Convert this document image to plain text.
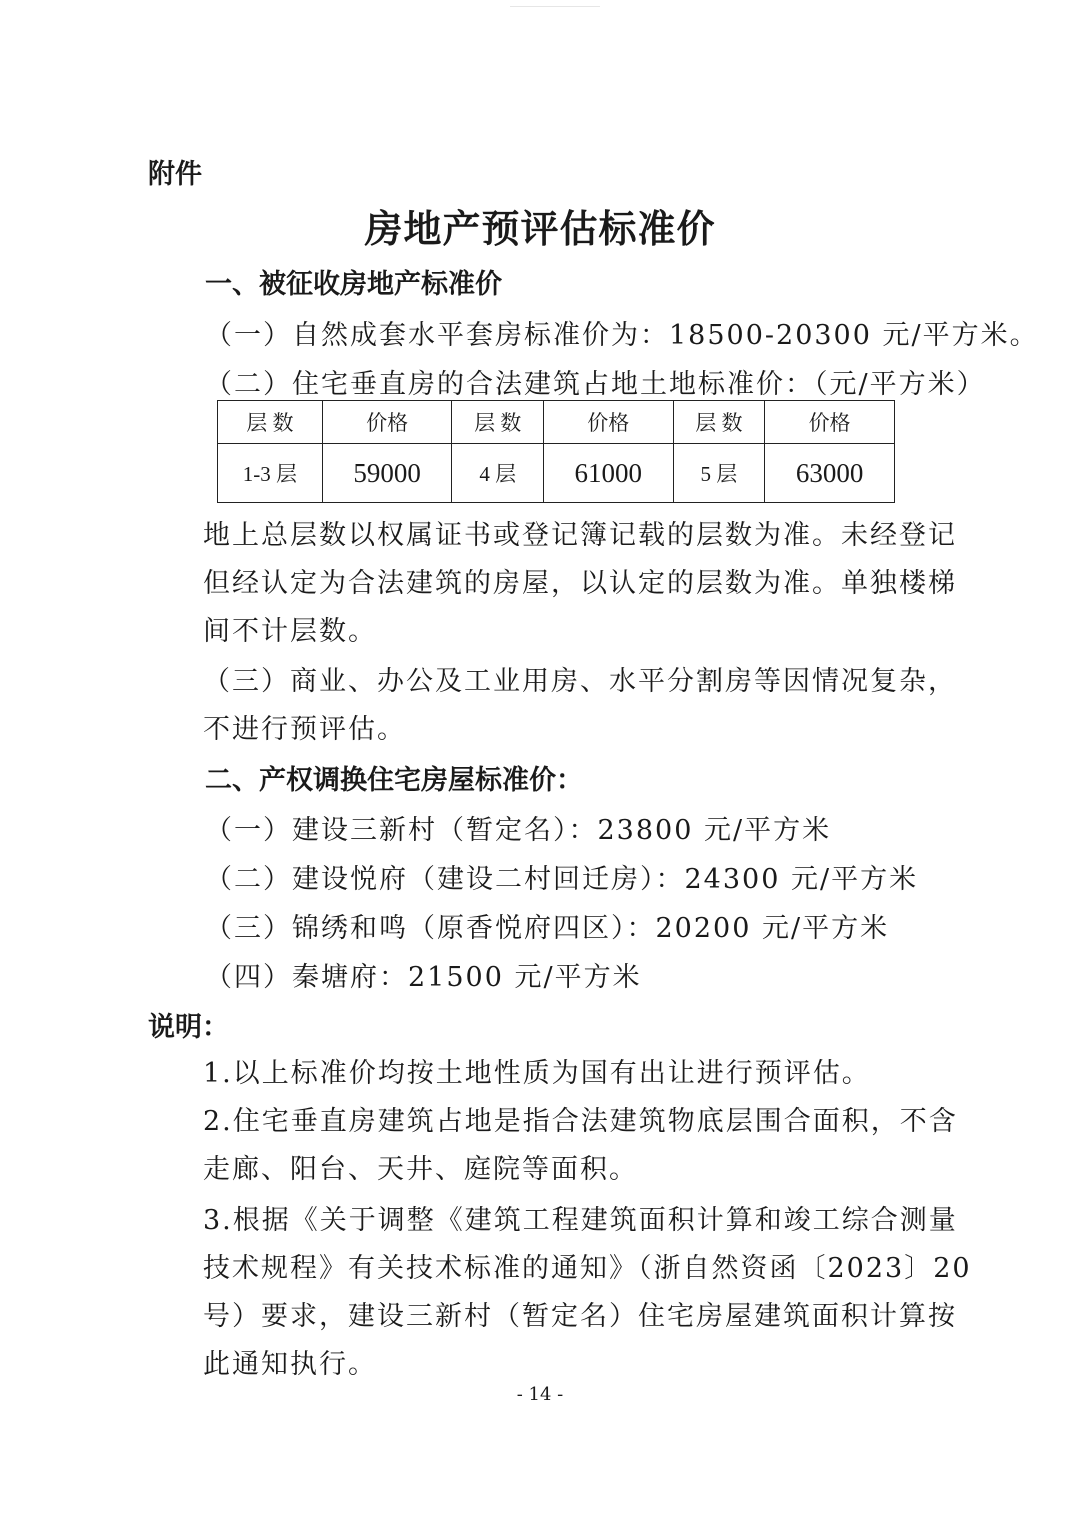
附件
房地产预评估标准价
一、被征收房地产标准价
（一）自然成套水平套房标准价为：18500-20300 元/平方米。
（二）住宅垂直房的合法建筑占地土地标准价：（元/平方米）
层 数	价格	层 数	价格	层 数	价格
1-3 层	59000	4 层	61000	5 层	63000
地上总层数以权属证书或登记簿记载的层数为准。未经登记但经认定为合法建筑的房屋，以认定的层数为准。单独楼梯间不计层数。
（三）商业、办公及工业用房、水平分割房等因情况复杂，不进行预评估。
二、产权调换住宅房屋标准价：
（一）建设三新村（暂定名）：23800 元/平方米
（二）建设悦府（建设二村回迁房）：24300 元/平方米
（三）锦绣和鸣（原香悦府四区）：20200 元/平方米
（四）秦塘府：21500 元/平方米
说明：
1.以上标准价均按土地性质为国有出让进行预评估。
2.住宅垂直房建筑占地是指合法建筑物底层围合面积，不含走廊、阳台、天井、庭院等面积。
3.根据《关于调整《建筑工程建筑面积计算和竣工综合测量技术规程》有关技术标准的通知》（浙自然资函〔2023〕20 号）要求，建设三新村（暂定名）住宅房屋建筑面积计算按此通知执行。
- 14 -
